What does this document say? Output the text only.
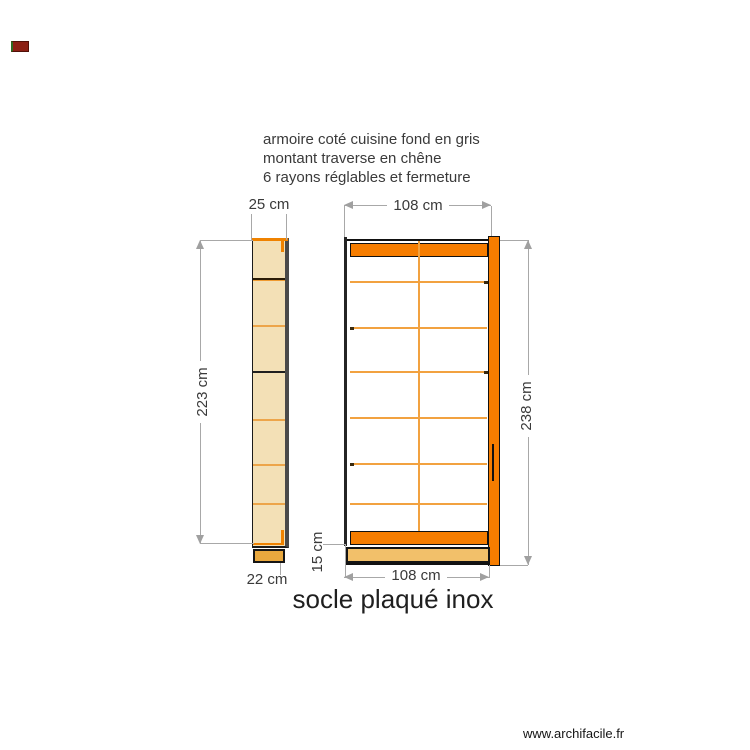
armoire coté cuisine fond en gris
montant traverse en chêne
6 rayons réglables et fermeture
25 cm
223 cm
22 cm
108 cm
238 cm
15 cm
108 cm
socle plaqué inox
www.archifacile.fr
